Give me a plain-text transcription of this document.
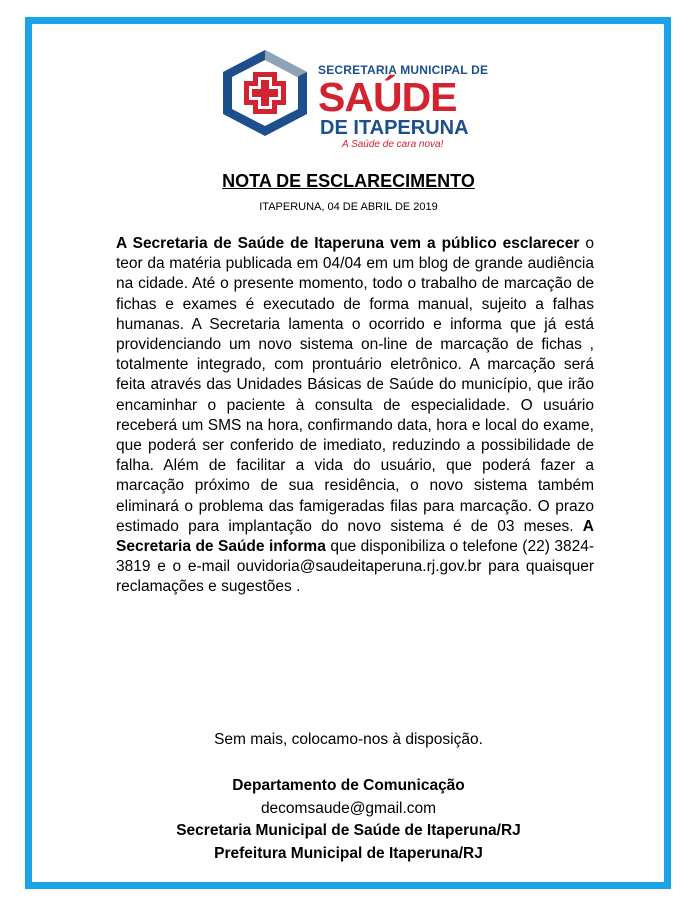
SECRETARIA MUNICIPAL DE
SAÚDE
DE ITAPERUNA
A Saúde de cara nova!
NOTA DE ESCLARECIMENTO
ITAPERUNA, 04 DE ABRIL DE 2019
A Secretaria de Saúde de Itaperuna vem a público esclarecer o teor da matéria publicada em 04/04 em um blog de grande audiência na cidade. Até o presente momento, todo o trabalho de marcação de fichas e exames é executado de forma manual, sujeito a falhas humanas. A Secretaria lamenta o ocorrido e informa que já está providenciando um novo sistema on-line de marcação de fichas , totalmente integrado, com prontuário eletrônico. A marcação será feita através das Unidades Básicas de Saúde do município, que irão encaminhar o paciente à consulta de especialidade. O usuário receberá um SMS na hora, confirmando data, hora e local do exame, que poderá ser conferido de imediato, reduzindo a possibilidade de falha. Além de facilitar a vida do usuário, que poderá fazer a marcação próximo de sua residência, o novo sistema também eliminará o problema das famigeradas filas para marcação. O prazo estimado para implantação do novo sistema é de 03 meses. A Secretaria de Saúde informa que disponibiliza o telefone (22) 3824-3819 e o e-mail ouvidoria@saudeitaperuna.rj.gov.br para quaisquer reclamações e sugestões .
Sem mais, colocamo-nos à disposição.
Departamento de Comunicação
decomsaude@gmail.com
Secretaria Municipal de Saúde de Itaperuna/RJ
Prefeitura Municipal de Itaperuna/RJ
